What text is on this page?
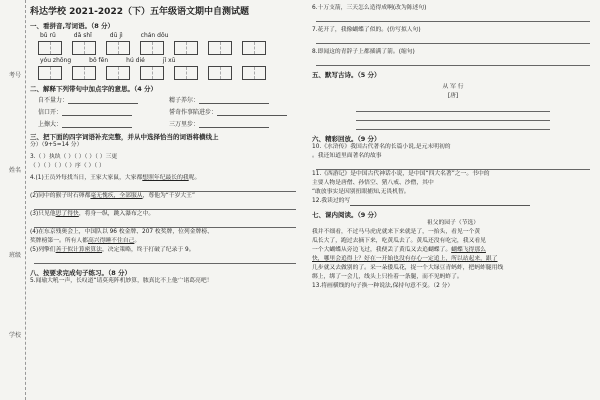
考号
姓名
班级
学校
科达学校 2021-2022（下）五年级语文期中自测试题
一、看拼音,写词语。（8 分）
bǔ rǔ	dǎ shǐ	dū jì	chán dǒu
yóu zhōng	bō fēn	hú dié	jǐ xū
二、解释下列带句中加点字的意思。（4 分）
自不量力：	精子养尔：
信口开：	誓奇作事陷进步：
上擦大：	三万里步：
三、把下面的四字词语补充完整，并从中选择恰当的词语将横线上
分）（9+5=14 分）
3.（ ）执纨（ ）（ ）（ ）（ ）三更
（ ）（ ）（ ）（ ）序（ ）（ ）
4.(1)王员外每找当日，王家大家鼠，大家都想照年纪最长的我呢。
(2)同中的猴子时石卵都毫无愧疚，全部服从，尊他为“千岁大王”
(3)只见他思了得快，将身一纵，跳入瀑布之中。
(4)在东京残奥会上，中国队以 96 枚金牌、207 枚奖牌，位列金牌榜、
奖牌榜第一。所有人都高兴得睡不住自己。
(5)列擎们善于似计算密算法，决定策略，终于打破了纪录于 9。
八、按要求完成句子练习。（8 分）
5.闻瑜大吼一声，长叹道“请莫苑阵机妙算，脓真比不上他宀诸葛亮吧！
6.十万支箭，三天怎么造得成啊(改为陈述句)
7.花开了，我像蝴蝶了似的。(仿写拟人句)
8.即闻这的青辞子上都插满了箭。(缩句)
五、默写古诗。（5 分）
从 军 行
[唐]
六、精彩回放。（9 分）
10.《水浒传》我国古代著名的长篇小说,是元末明初的
。我还知道里面著名的故事
11.《西游记》是中国古代神话小说，是中国“四大名著”之一。书中的
主要人物是唐僧、孙悟空、猪八戒、沙僧，其中
“敢放事实是因别扭眼捕知,无畏机智。
12.我读过的写
七、课内阅读。（9 分）
祖父的园子（节选）
我并不细看，不过马马虎虎就来下来就是了，一抬头，看见一个黄
瓜长大了，跑过去摘下来，吃黄瓜去了。黄瓜还没有吃完，我又看见
一个大蝴蝶从旁边飞过，我便丢了黄瓜又去追蝴蝶了。蝴蝶飞得那么
快，哪里会追得上？好在一开始也没有存心一定追上，所以站起来，跟了
几步就又去做别的了。采一朵倭瓜花，捉一个大绿豆青蚂蚱，把蚂蚱腿用线
绑上，绑了一会儿，线头上只拴着一条腿，而不见蚂蚱了。
13.将画横线的句子换一种说法,保持句意不变。（2 分）
